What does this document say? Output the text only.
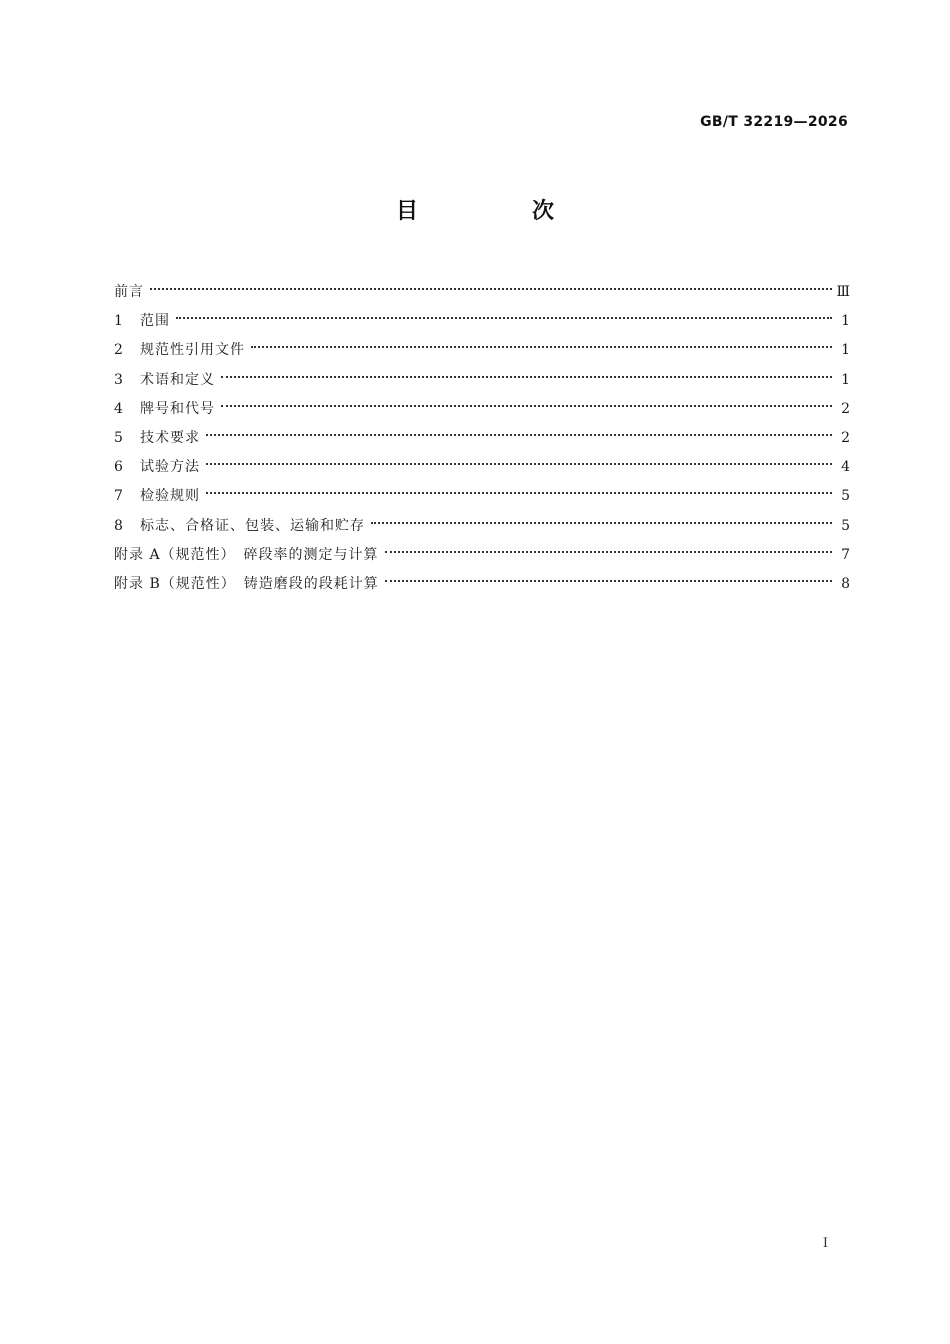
GB/T 32219—2026
目　次
前言	Ⅲ
1	范围	1
2	规范性引用文件	1
3	术语和定义	1
4	牌号和代号	2
5	技术要求	2
6	试验方法	4
7	检验规则	5
8	标志、合格证、包装、运输和贮存	5
附录 A（规范性）　碎段率的测定与计算	7
附录 B（规范性）　铸造磨段的段耗计算	8
Ⅰ
